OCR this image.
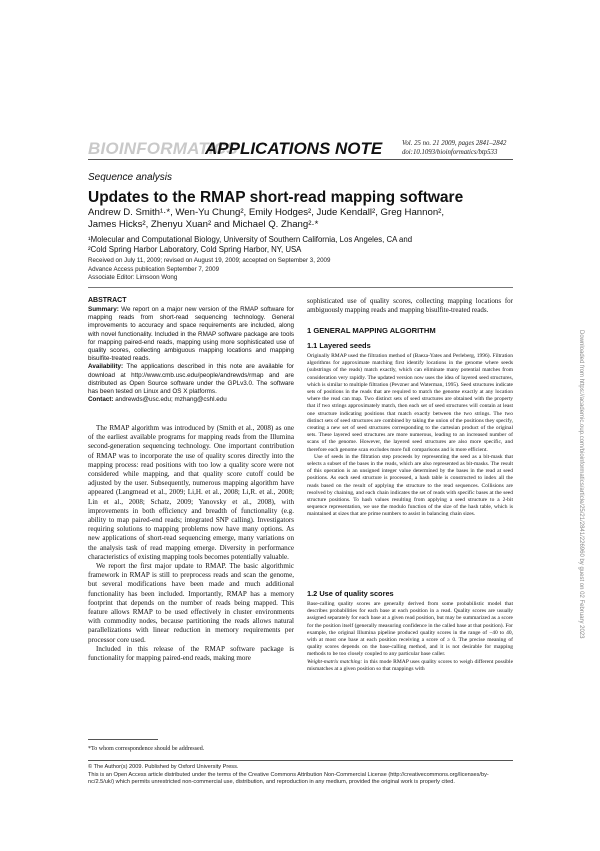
BIOINFORMATICS
APPLICATIONS NOTE	Vol. 25 no. 21 2009, pages 2841–2842
doi:10.1093/bioinformatics/btp533
Sequence analysis
Updates to the RMAP short-read mapping software
Andrew D. Smith¹·*, Wen-Yu Chung², Emily Hodges², Jude Kendall², Greg Hannon²,
James Hicks², Zhenyu Xuan² and Michael Q. Zhang²·*
¹Molecular and Computational Biology, University of Southern California, Los Angeles, CA and
²Cold Spring Harbor Laboratory, Cold Spring Harbor, NY, USA
Received on July 11, 2009; revised on August 19, 2009; accepted on September 3, 2009
Advance Access publication September 7, 2009
Associate Editor: Limsoon Wong
ABSTRACT

Summary: We report on a major new version of the RMAP software for mapping reads from short-read sequencing technology. General improvements to accuracy and space requirements are included, along with novel functionality. Included in the RMAP software package are tools for mapping paired-end reads, mapping using more sophisticated use of quality scores, collecting ambiguous mapping locations and mapping bisulfite-treated reads.

Availability: The applications described in this note are available for download at http://www.cmb.usc.edu/people/andrewds/rmap and are distributed as Open Source software under the GPLv3.0. The software has been tested on Linux and OS X platforms.

Contact: andrewds@usc.edu; mzhang@cshl.edu

The RMAP algorithm was introduced by (Smith et al., 2008) as one of the earliest available programs for mapping reads from the Illumina second-generation sequencing technology. One important contribution of RMAP was to incorporate the use of quality scores directly into the mapping process: read positions with too low a quality score were not considered while mapping, and that quality score cutoff could be adjusted by the user. Subsequently, numerous mapping algorithm have appeared (Langmead et al., 2009; Li,H. et al., 2008; Li,R. et al., 2008; Lin et al., 2008; Schatz, 2009; Yanovsky et al., 2008), with improvements in both efficiency and breadth of functionality (e.g. ability to map paired-end reads; integrated SNP calling). Investigators requiring solutions to mapping problems now have many options. As new applications of short-read sequencing emerge, many variations on the analysis task of read mapping emerge. Diversity in performance characteristics of existing mapping tools becomes potentially valuable.

We report the first major update to RMAP. The basic algorithmic framework in RMAP is still to preprocess reads and scan the genome, but several modifications have been made and much additional functionality has been included. Importantly, RMAP has a memory footprint that depends on the number of reads being mapped. This feature allows RMAP to be used effectively in cluster environments with commodity nodes, because partitioning the reads allows natural parallelizations with linear reduction in memory requirements per processor core used.

Included in this release of the RMAP software package is functionality for mapping paired-end reads, making more

*To whom correspondence should be addressed.

sophisticated use of quality scores, collecting mapping locations for ambiguously mapping reads and mapping bisulfite-treated reads.

1 GENERAL MAPPING ALGORITHM
1.1 Layered seeds

Originally RMAP used the filtration method of (Baeza-Yates and Perleberg, 1996). Filtration algorithms for approximate matching first identify locations in the genome where seeds (substrings of the reads) match exactly, which can eliminate many potential matches from consideration very rapidly. The updated version now uses the idea of layered seed structures, which is similar to multiple filtration (Pevzner and Waterman, 1995). Seed structures indicate sets of positions in the reads that are required to match the genome exactly at any location where the read can map. Two distinct sets of seed structures are obtained with the property that if two strings approximately match, then each set of seed structures will contain at least one structure indicating positions that match exactly between the two strings. The two distinct sets of seed structures are combined by taking the union of the positions they specify, creating a new set of seed structures corresponding to the cartesian product of the original sets. These layered seed structures are more numerous, leading to an increased number of scans of the genome. However, the layered seed structures are also more specific, and therefore each genome scan excludes more full comparisons and is more efficient.

Use of seeds in the filtration step proceeds by representing the seed as a bit-mask that selects a subset of the bases in the reads, which are also represented as bit-masks. The result of this operation is an unsigned integer value determined by the bases in the read at seed positions. As each seed structure is processed, a hash table is constructed to index all the reads based on the result of applying the structure to the read sequences. Collisions are resolved by chaining, and each chain indicates the set of reads with specific bases at the seed structure positions. To hash values resulting from applying a seed structure to a 2-bit sequence representation, we use the modulo function of the size of the hash table, which is maintained at sizes that are prime numbers to assist in balancing chain sizes.

1.2 Use of quality scores

Base-calling quality scores are generally derived from some probabilistic model that describes probabilities for each base at each position in a read. Quality scores are usually assigned separately for each base at a given read position, but may be summarized as a score for the position itself (generally measuring confidence in the called base at that position). For example, the original Illumina pipeline produced quality scores in the range of −40 to 40, with at most one base at each position receiving a score of ≥ 0. The precise meaning of quality scores depends on the base-calling method, and it is not desirable for mapping methods to be too closely coupled to any particular base caller.

Weight-matrix matching: in this mode RMAP uses quality scores to weigh different possible mismatches at a given position so that mappings with

© The Author(s) 2009. Published by Oxford University Press.

This is an Open Access article distributed under the terms of the Creative Commons Attribution Non-Commercial License (http://creativecommons.org/licenses/by-nc/2.5/uk/) which permits unrestricted non-commercial use, distribution, and reproduction in any medium, provided the original work is properly cited.

Downloaded from https://academic.oup.com/bioinformatics/article/25/21/2841/226960 by guest on 02 February 2023
